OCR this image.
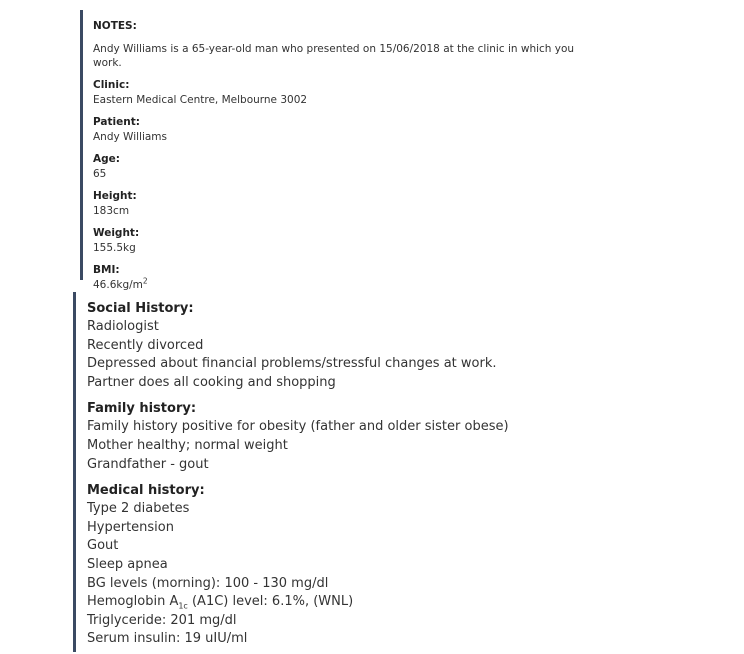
NOTES:
Andy Williams is a 65-year-old man who presented on 15/06/2018 at the clinic in which you work.
Clinic:
Eastern Medical Centre, Melbourne 3002
Patient:
Andy Williams
Age:
65
Height:
183cm
Weight:
155.5kg
BMI:
$46.6kg/m^2$
Social History:
Radiologist
Recently divorced
Depressed about financial problems/stressful changes at work.
Partner does all cooking and shopping
Family history:
Family history positive for obesity (father and older sister obese)
Mother healthy; normal weight
Grandfather - gout
Medical history:
Type 2 diabetes
Hypertension
Gout
Sleep apnea
BG levels (morning): 100 - 130 mg/dl
Hemoglobin $A_{1c}$ (A1C) level: 6.1%, (WNL)
Triglyceride: 201 mg/dl
Serum insulin: 19 uIU/ml
